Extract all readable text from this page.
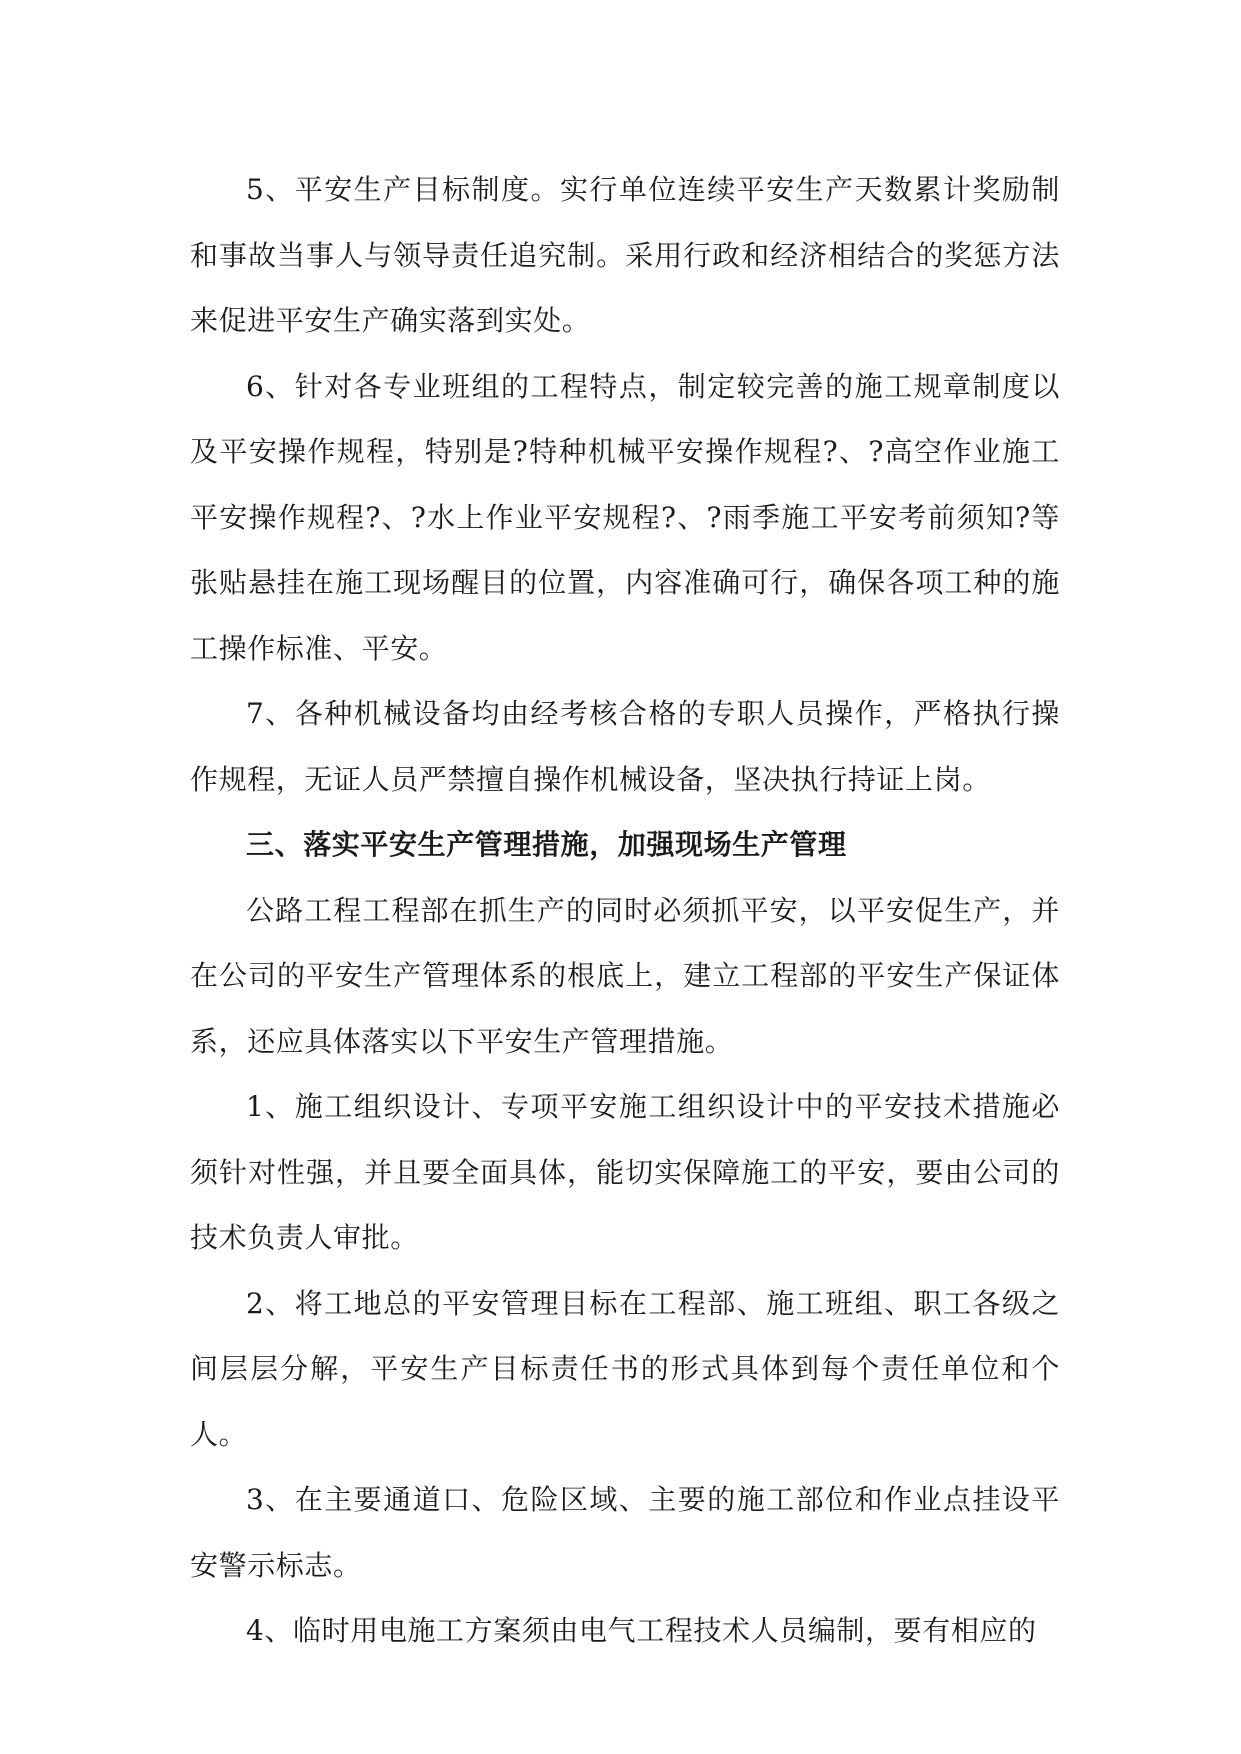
5、平安生产目标制度。实行单位连续平安生产天数累计奖励制和事故当事人与领导责任追究制。采用行政和经济相结合的奖惩方法来促进平安生产确实落到实处。

6、针对各专业班组的工程特点，制定较完善的施工规章制度以及平安操作规程，特别是?特种机械平安操作规程?、?高空作业施工平安操作规程?、?水上作业平安规程?、?雨季施工平安考前须知?等张贴悬挂在施工现场醒目的位置，内容准确可行，确保各项工种的施工操作标准、平安。

7、各种机械设备均由经考核合格的专职人员操作，严格执行操作规程，无证人员严禁擅自操作机械设备，坚决执行持证上岗。

三、落实平安生产管理措施，加强现场生产管理

公路工程工程部在抓生产的同时必须抓平安，以平安促生产，并在公司的平安生产管理体系的根底上，建立工程部的平安生产保证体系，还应具体落实以下平安生产管理措施。

1、施工组织设计、专项平安施工组织设计中的平安技术措施必须针对性强，并且要全面具体，能切实保障施工的平安，要由公司的技术负责人审批。

2、将工地总的平安管理目标在工程部、施工班组、职工各级之间层层分解，平安生产目标责任书的形式具体到每个责任单位和个人。

3、在主要通道口、危险区域、主要的施工部位和作业点挂设平安警示标志。

4、临时用电施工方案须由电气工程技术人员编制，要有相应的
